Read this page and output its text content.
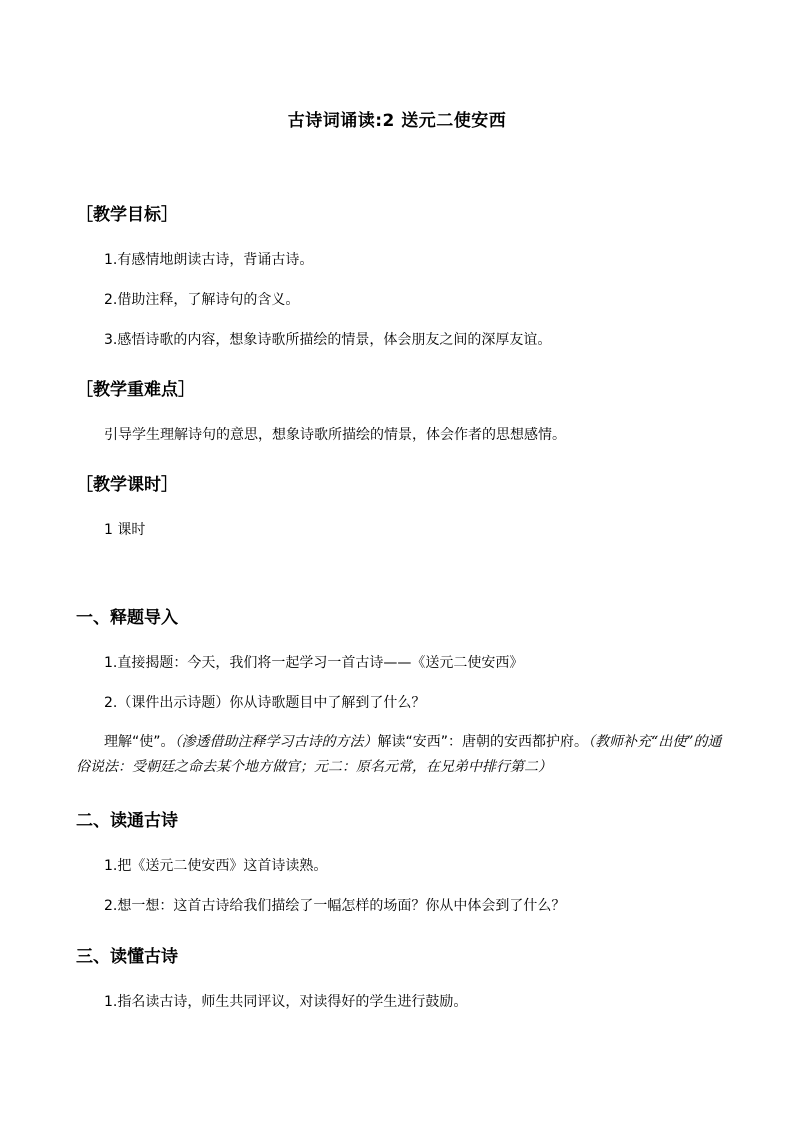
古诗词诵读:2 送元二使安西
［教学目标］
1.有感情地朗读古诗，背诵古诗。
2.借助注释，了解诗句的含义。
3.感悟诗歌的内容，想象诗歌所描绘的情景，体会朋友之间的深厚友谊。
［教学重难点］
引导学生理解诗句的意思，想象诗歌所描绘的情景，体会作者的思想感情。
［教学课时］
1 课时
一、释题导入
1.直接揭题：今天，我们将一起学习一首古诗——《送元二使安西》
2.（课件出示诗题）你从诗歌题目中了解到了什么？
　　理解“使”。（渗透借助注释学习古诗的方法）解读“安西”：唐朝的安西都护府。（教师补充“出使”的通俗说法：受朝廷之命去某个地方做官；元二：原名元常，在兄弟中排行第二）
二、读通古诗
1.把《送元二使安西》这首诗读熟。
2.想一想：这首古诗给我们描绘了一幅怎样的场面？你从中体会到了什么？
三、读懂古诗
1.指名读古诗，师生共同评议，对读得好的学生进行鼓励。
